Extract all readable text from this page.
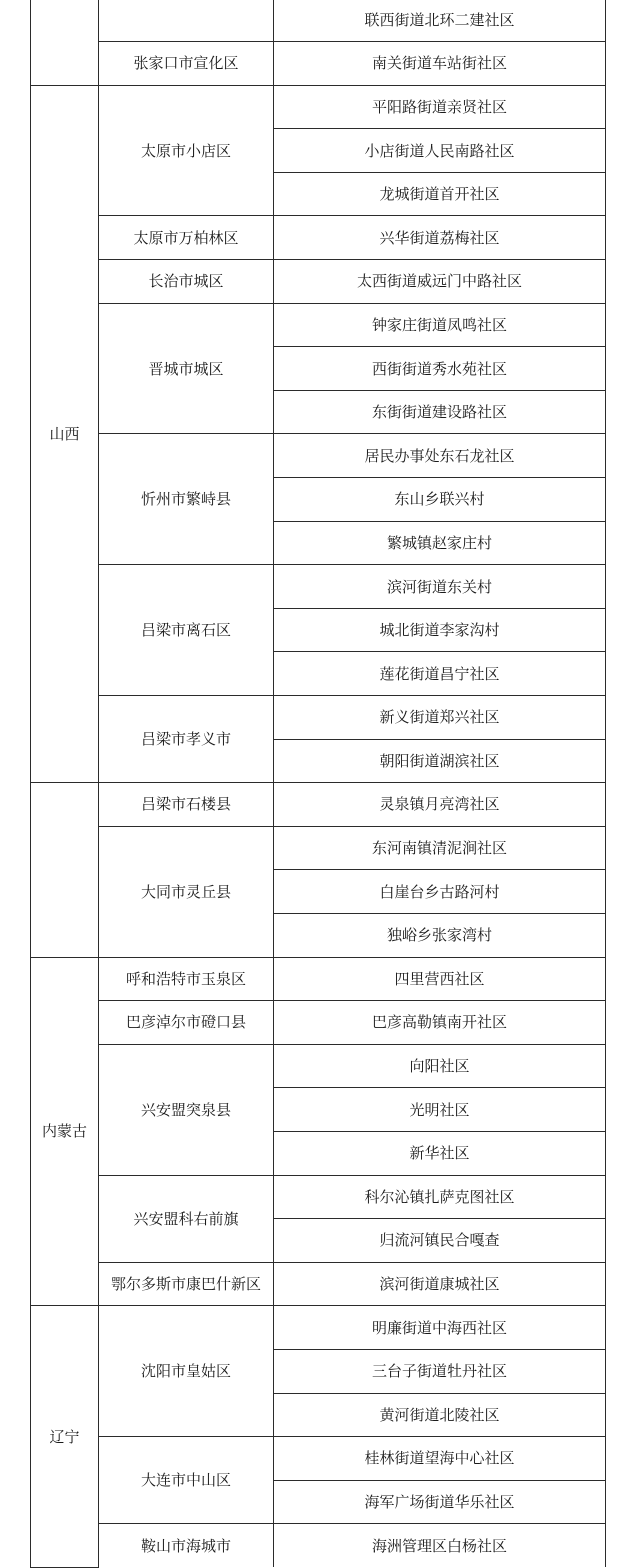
		联西街道北环二建社区
	张家口市宣化区	南关街道车站街社区
山西	太原市小店区	平阳路街道亲贤社区
		小店街道人民南路社区
		龙城街道首开社区
	太原市万柏林区	兴华街道荔梅社区
	长治市城区	太西街道威远门中路社区
	晋城市城区	钟家庄街道凤鸣社区
		西街街道秀水苑社区
		东街街道建设路社区
	忻州市繁峙县	居民办事处东石龙社区
		东山乡联兴村
		繁城镇赵家庄村
	吕梁市离石区	滨河街道东关村
		城北街道李家沟村
		莲花街道昌宁社区
	吕梁市孝义市	新义街道郑兴社区
		朝阳街道湖滨社区
	吕梁市石楼县	灵泉镇月亮湾社区
	大同市灵丘县	东河南镇清泥涧社区
		白崖台乡古路河村
		独峪乡张家湾村
内蒙古	呼和浩特市玉泉区	四里营西社区
	巴彦淖尔市磴口县	巴彦高勒镇南开社区
	兴安盟突泉县	向阳社区
		光明社区
		新华社区
	兴安盟科右前旗	科尔沁镇扎萨克图社区
		归流河镇民合嘎查
	鄂尔多斯市康巴什新区	滨河街道康城社区
辽宁	沈阳市皇姑区	明廉街道中海西社区
		三台子街道牡丹社区
		黄河街道北陵社区
	大连市中山区	桂林街道望海中心社区
		海军广场街道华乐社区
	鞍山市海城市	海洲管理区白杨社区
